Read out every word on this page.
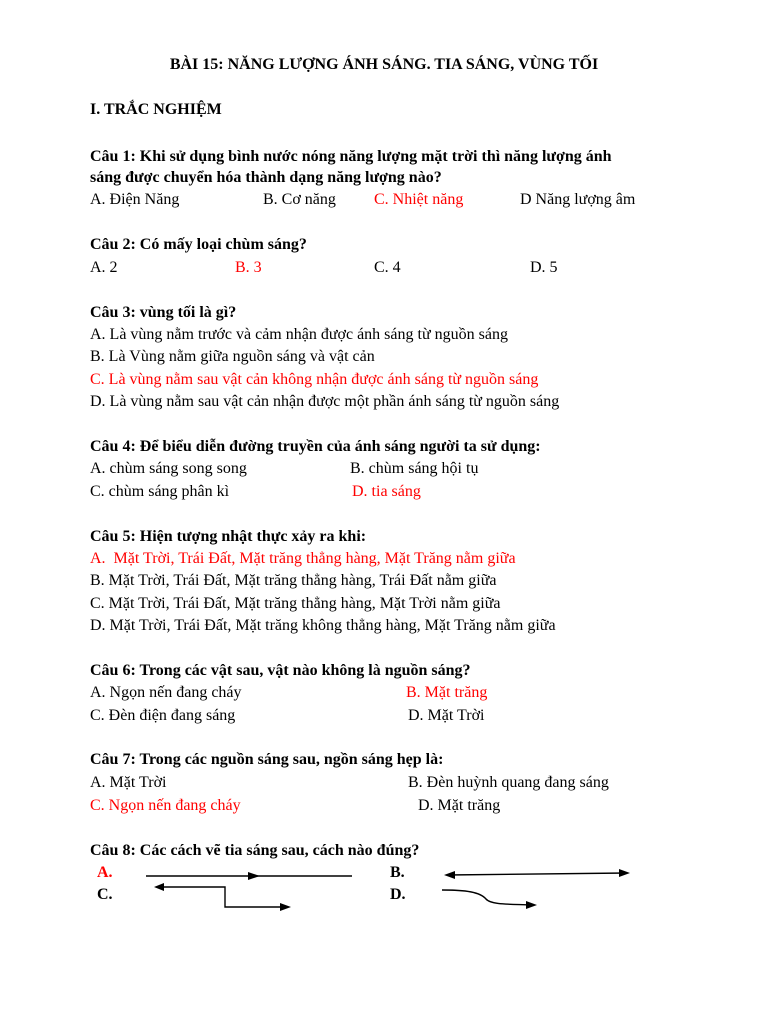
BÀI 15: NĂNG LƯỢNG ÁNH SÁNG. TIA SÁNG, VÙNG TỐI
I. TRẮC NGHIỆM
Câu 1: Khi sử dụng bình nước nóng năng lượng mặt trời thì năng lượng ánh
sáng được chuyển hóa thành dạng năng lượng nào?
A. Điện Năng	B. Cơ năng C. Nhiệt năng	D Năng lượng âm
Câu 2: Có mấy loại chùm sáng?
A. 2	B. 3	C. 4	D. 5
Câu 3: vùng tối là gì?
A. Là vùng nằm trước và cảm nhận được ánh sáng từ nguồn sáng
B. Là Vùng nằm giữa nguồn sáng và vật cản
C. Là vùng nằm sau vật cản không nhận được ánh sáng từ nguồn sáng
D. Là vùng nằm sau vật cản nhận được một phần ánh sáng từ nguồn sáng
Câu 4: Để biểu diễn đường truyền của ánh sáng người ta sử dụng:
A. chùm sáng song song	B. chùm sáng hội tụ
C. chùm sáng phân kì	D. tia sáng
Câu 5: Hiện tượng nhật thực xảy ra khi:
A.  Mặt Trời, Trái Đất, Mặt trăng thẳng hàng, Mặt Trăng nằm giữa
B. Mặt Trời, Trái Đất, Mặt trăng thẳng hàng, Trái Đất nằm giữa
C. Mặt Trời, Trái Đất, Mặt trăng thẳng hàng, Mặt Trời nằm giữa
D. Mặt Trời, Trái Đất, Mặt trăng không thẳng hàng, Mặt Trăng nằm giữa
Câu 6: Trong các vật sau, vật nào không là nguồn sáng?
A. Ngọn nến đang cháy	B. Mặt trăng
C. Đèn điện đang sáng	D. Mặt Trời
Câu 7: Trong các nguồn sáng sau, ngồn sáng hẹp là:
A. Mặt Trời	B. Đèn huỳnh quang đang sáng
C. Ngọn nến đang cháy	D. Mặt trăng
Câu 8: Các cách vẽ tia sáng sau, cách nào đúng?
A.	B.
C.	D.
